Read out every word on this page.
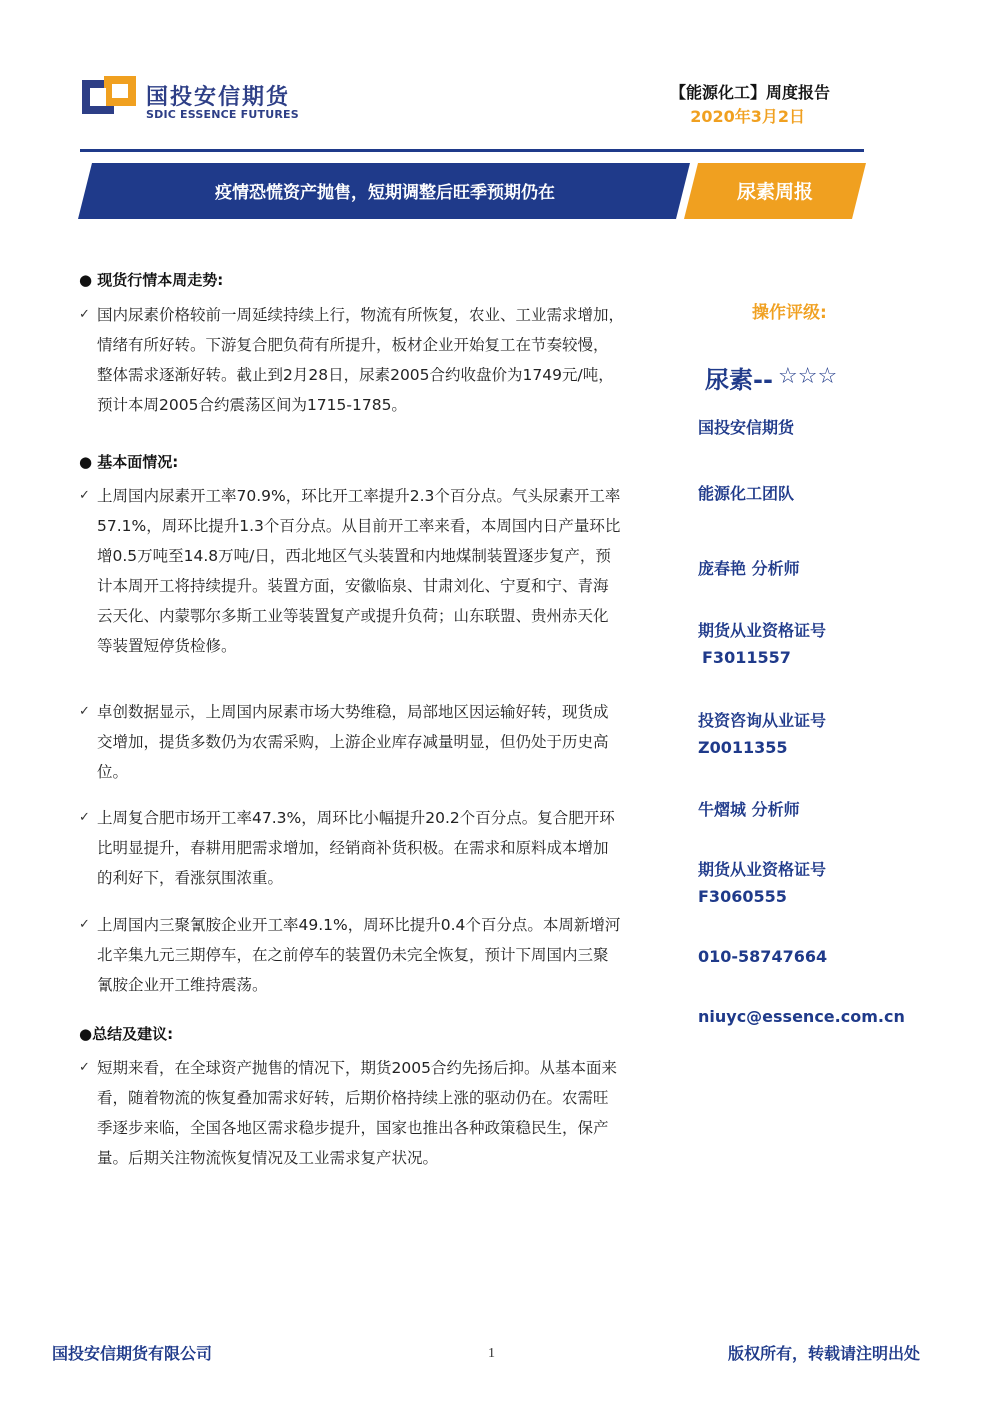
国投安信期货
SDIC ESSENCE FUTURES
【能源化工】周度报告
2020年3月2日
疫情恐慌资产抛售，短期调整后旺季预期仍在	尿素周报
● 现货行情本周走势:
✓ 国内尿素价格较前一周延续持续上行，物流有所恢复，农业、工业需求增加，
情绪有所好转。下游复合肥负荷有所提升，板材企业开始复工在节奏较慢，
整体需求逐渐好转。截止到2月28日，尿素2005合约收盘价为1749元/吨，
预计本周2005合约震荡区间为1715-1785。
● 基本面情况:
✓ 上周国内尿素开工率70.9%，环比开工率提升2.3个百分点。气头尿素开工率
57.1%，周环比提升1.3个百分点。从目前开工率来看，本周国内日产量环比
增0.5万吨至14.8万吨/日，西北地区气头装置和内地煤制装置逐步复产，预
计本周开工将持续提升。装置方面，安徽临泉、甘肃刘化、宁夏和宁、青海
云天化、内蒙鄂尔多斯工业等装置复产或提升负荷；山东联盟、贵州赤天化
等装置短停货检修。
✓ 卓创数据显示，上周国内尿素市场大势维稳，局部地区因运输好转，现货成
交增加，提货多数仍为农需采购，上游企业库存减量明显，但仍处于历史高
位。
✓ 上周复合肥市场开工率47.3%，周环比小幅提升20.2个百分点。复合肥开环
比明显提升，春耕用肥需求增加，经销商补货积极。在需求和原料成本增加
的利好下，看涨氛围浓重。
✓ 上周国内三聚氰胺企业开工率49.1%，周环比提升0.4个百分点。本周新增河
北辛集九元三期停车，在之前停车的装置仍未完全恢复，预计下周国内三聚
氰胺企业开工维持震荡。
●总结及建议:
✓ 短期来看，在全球资产抛售的情况下，期货2005合约先扬后抑。从基本面来
看，随着物流的恢复叠加需求好转，后期价格持续上涨的驱动仍在。农需旺
季逐步来临，全国各地区需求稳步提升，国家也推出各种政策稳民生，保产
量。后期关注物流恢复情况及工业需求复产状况。
操作评级:
尿素-- ☆☆☆
国投安信期货
能源化工团队
庞春艳 分析师
期货从业资格证号
F3011557
投资咨询从业证号
Z0011355
牛熠城 分析师
期货从业资格证号
F3060555
010-58747664
niuyc@essence.com.cn
国投安信期货有限公司	1	版权所有，转载请注明出处
